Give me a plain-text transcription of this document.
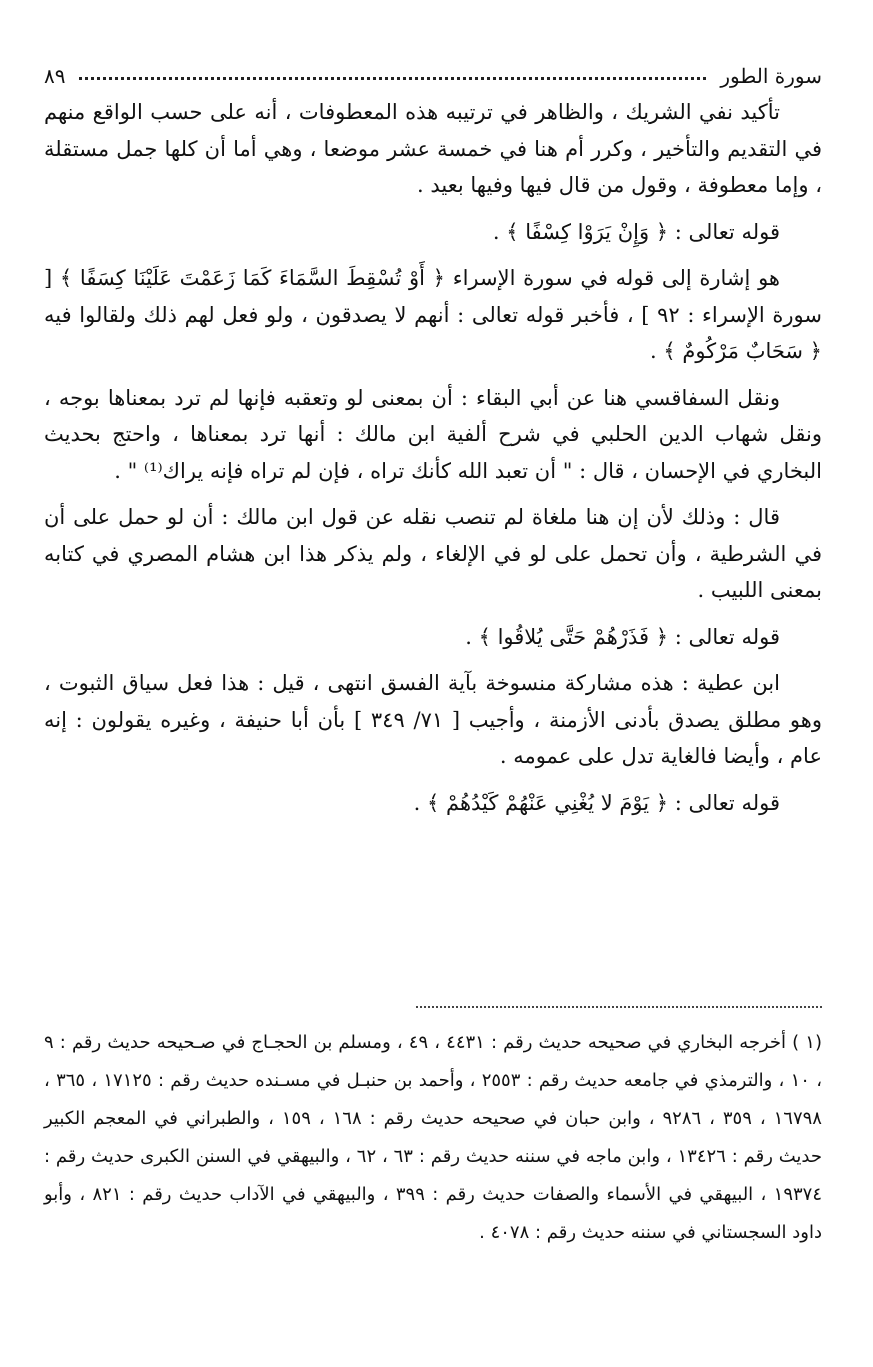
سورة الطور
٨٩

تأكيد نفي الشريك ، والظاهر في ترتيبه هذه المعطوفات ، أنه على حسب الواقع منهم في التقديم والتأخير ، وكرر أم هنا في خمسة عشر موضعا ، وهي أما أن كلها جمل مستقلة ، وإما معطوفة ، وقول من قال فيها وفيها بعيد .

قوله تعالى : ﴿ وَإِنْ يَرَوْا كِسْفًا ﴾ .

هو إشارة إلى قوله في سورة الإسراء ﴿ أَوْ تُسْقِطَ السَّمَاءَ كَمَا زَعَمْتَ عَلَيْنَا كِسَفًا ﴾ [ سورة الإسراء : ٩٢ ] ، فأخبر قوله تعالى : أنهم لا يصدقون ، ولو فعل لهم ذلك ولقالوا فيه ﴿ سَحَابٌ مَرْكُومٌ ﴾ .

ونقل السفاقسي هنا عن أبي البقاء : أن بمعنى لو وتعقبه فإنها لم ترد بمعناها بوجه ، ونقل شهاب الدين الحلبي في شرح ألفية ابن مالك : أنها ترد بمعناها ، واحتج بحديث البخاري في الإحسان ، قال : " أن تعبد الله كأنك تراه ، فإن لم تراه فإنه يراك⁽¹⁾ " .

قال : وذلك لأن إن هنا ملغاة لم تنصب نقله عن قول ابن مالك : أن لو حمل على أن في الشرطية ، وأن تحمل على لو في الإلغاء ، ولم يذكر هذا ابن هشام المصري في كتابه بمعنى اللبيب .

قوله تعالى : ﴿ فَذَرْهُمْ حَتَّى يُلاقُوا ﴾ .

ابن عطية : هذه مشاركة منسوخة بآية الفسق انتهى ، قيل : هذا فعل سياق الثبوت ، وهو مطلق يصدق بأدنى الأزمنة ، وأجيب [ ٧١/ ٣٤٩ ] بأن أبا حنيفة ، وغيره يقولون : إنه عام ، وأيضا فالغاية تدل على عمومه .

قوله تعالى : ﴿ يَوْمَ لا يُغْنِي عَنْهُمْ كَيْدُهُمْ ﴾ .

(١ ) أخرجه البخاري في صحيحه حديث رقم : ٤٤٣١ ، ٤٩ ، ومسلم بن الحجـاج في صـحيحه حديث رقم : ٩ ، ١٠ ، والترمذي في جامعه حديث رقم : ٢٥٥٣ ، وأحمد بن حنبـل في مسـنده حديث رقم : ١٧١٢٥ ، ٣٦٥ ، ١٦٧٩٨ ، ٣٥٩ ، ٩٢٨٦ ، وابن حبان في صحيحه حديث رقم : ١٦٨ ، ١٥٩ ، والطبراني في المعجم الكبير حديث رقم : ١٣٤٢٦ ، وابن ماجه في سننه حديث رقم : ٦٣ ، ٦٢ ، والبيهقي في السنن الكبرى حديث رقم : ١٩٣٧٤ ، البيهقي في الأسماء والصفات حديث رقم : ٣٩٩ ، والبيهقي في الآداب حديث رقم : ٨٢١ ، وأبو داود السجستاني في سننه حديث رقم : ٤٠٧٨ .
